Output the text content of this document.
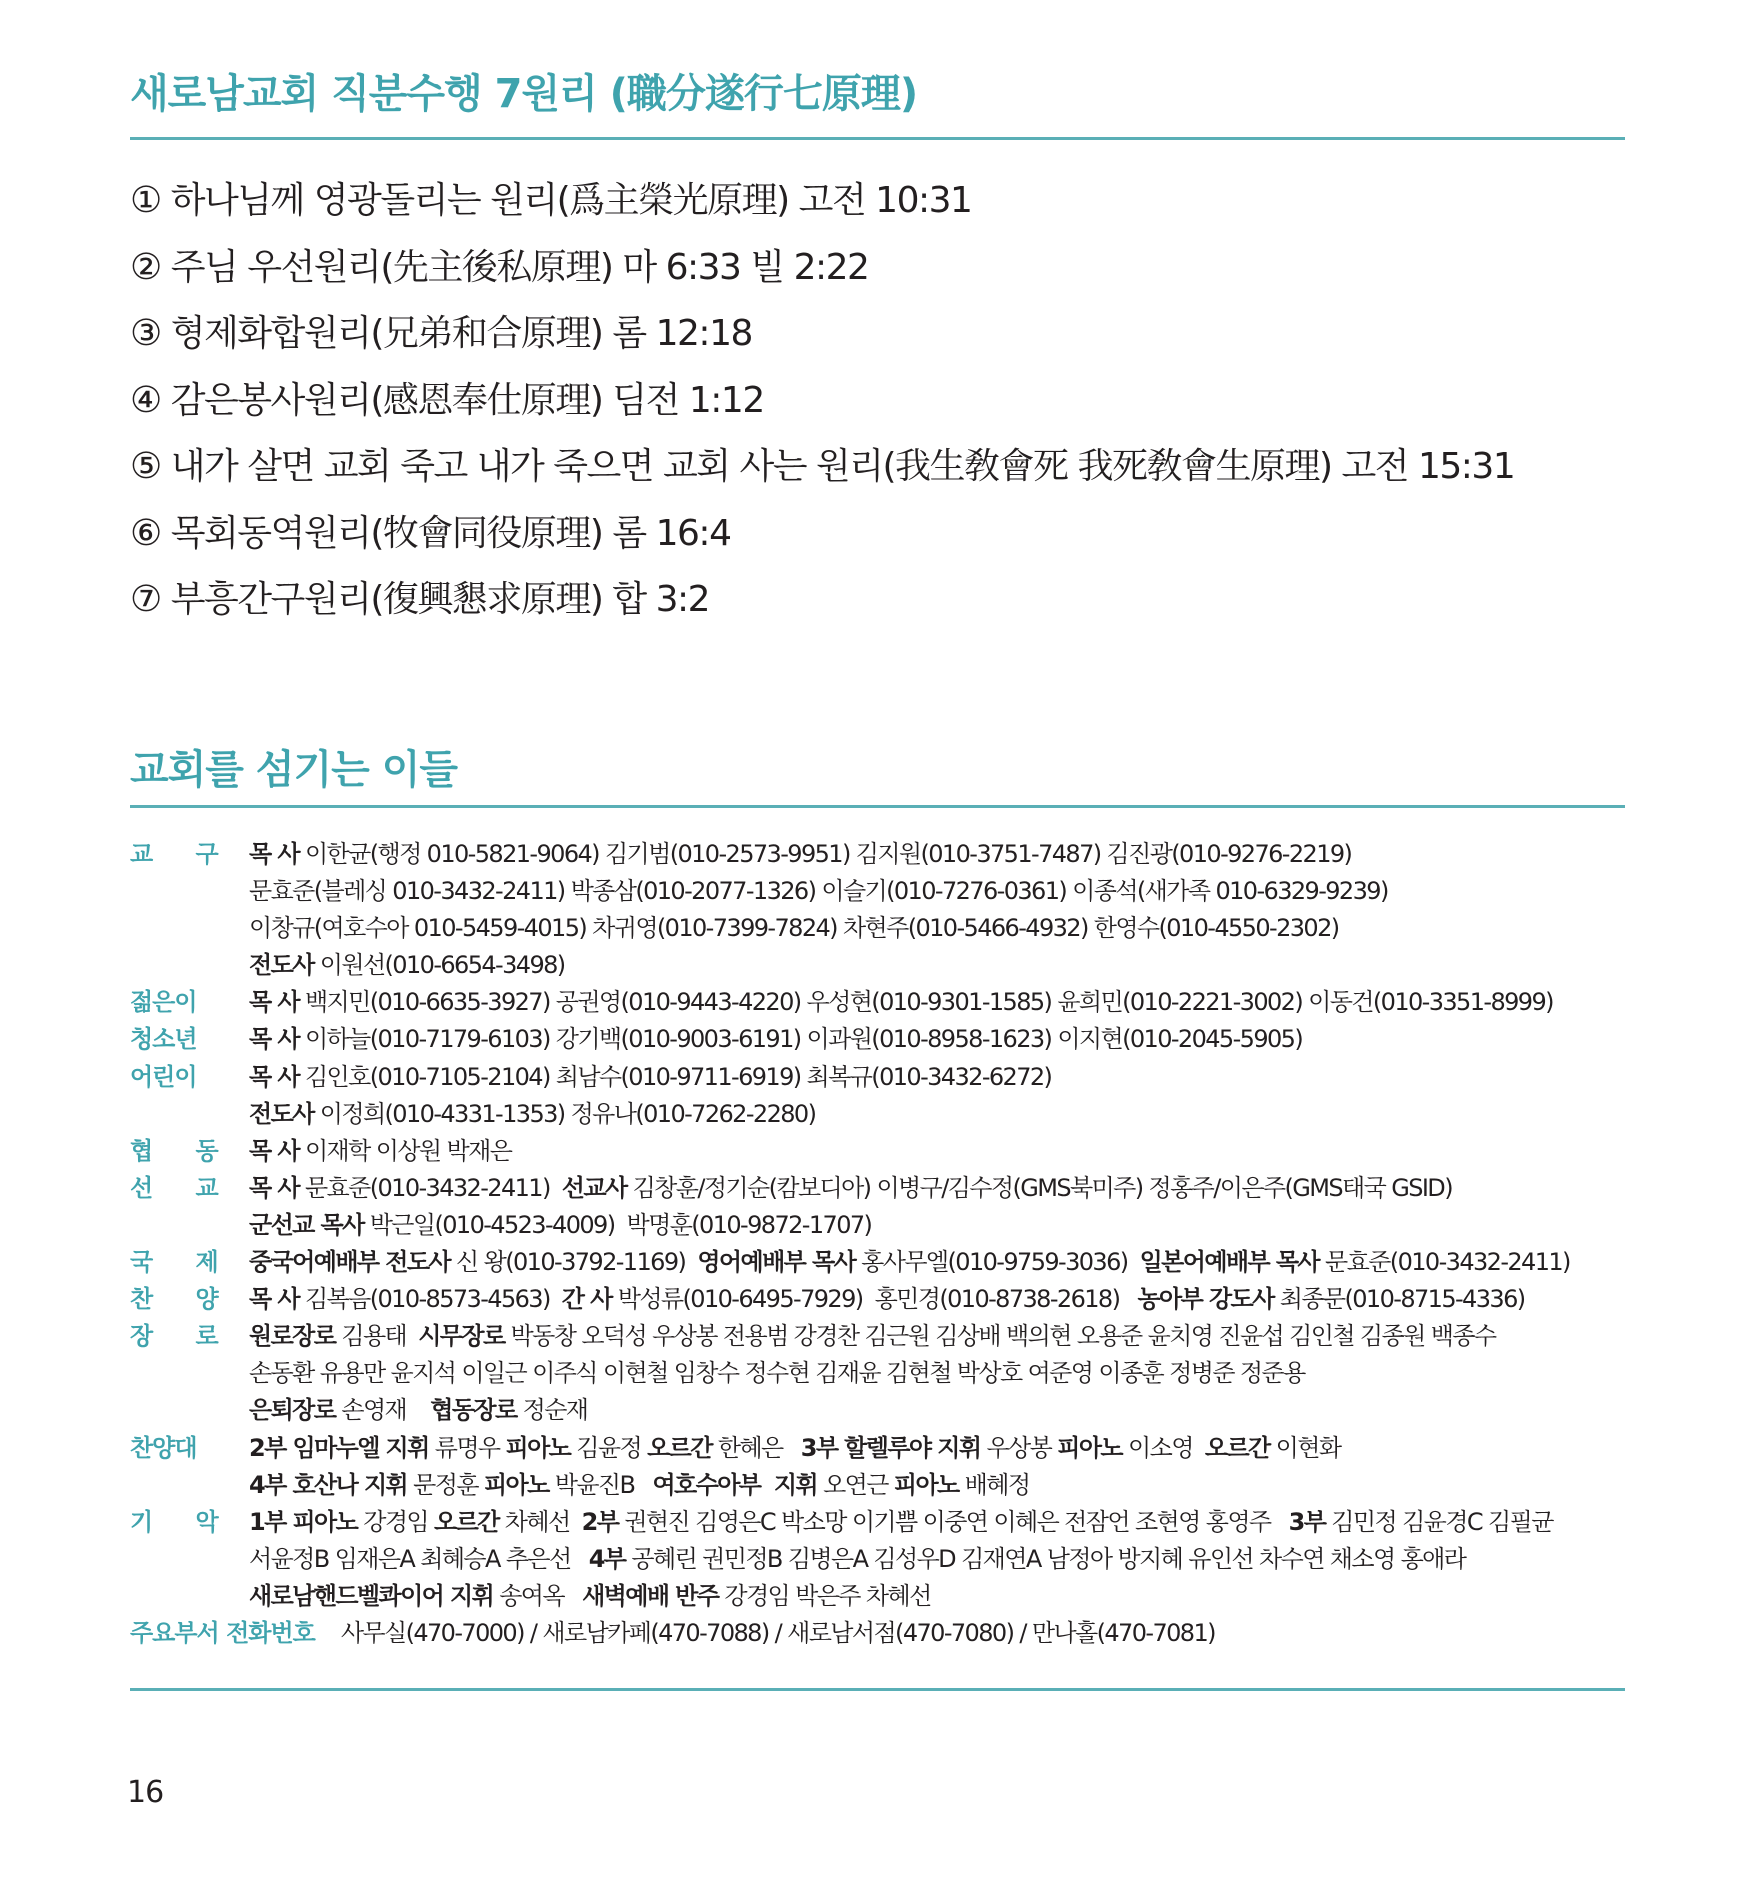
새로남교회 직분수행 7원리 (職分遂行七原理)
① 하나님께 영광돌리는 원리(爲主榮光原理) 고전 10:31
② 주님 우선원리(先主後私原理) 마 6:33 빌 2:22
③ 형제화합원리(兄弟和合原理) 롬 12:18
④ 감은봉사원리(感恩奉仕原理) 딤전 1:12
⑤ 내가 살면 교회 죽고 내가 죽으면 교회 사는 원리(我生敎會死 我死敎會生原理) 고전 15:31
⑥ 목회동역원리(牧會同役原理) 롬 16:4
⑦ 부흥간구원리(復興懇求原理) 합 3:2
교회를 섬기는 이들
교 구 목 사 이한균(행정 010-5821-9064) 김기범(010-2573-9951) 김지원(010-3751-7487) 김진광(010-9276-2219)
문효준(블레싱 010-3432-2411) 박종삼(010-2077-1326) 이슬기(010-7276-0361) 이종석(새가족 010-6329-9239)
이창규(여호수아 010-5459-4015) 차귀영(010-7399-7824) 차현주(010-5466-4932) 한영수(010-4550-2302)
전도사 이원선(010-6654-3498)
젊은이	목 사 백지민(010-6635-3927) 공권영(010-9443-4220) 우성현(010-9301-1585) 윤희민(010-2221-3002) 이동건(010-3351-8999)
청소년	목 사 이하늘(010-7179-6103) 강기백(010-9003-6191) 이과원(010-8958-1623) 이지현(010-2045-5905)
어린이	목 사 김인호(010-7105-2104) 최남수(010-9711-6919) 최복규(010-3432-6272)
전도사 이정희(010-4331-1353) 정유나(010-7262-2280)
협 동 목 사 이재학 이상원 박재은
선 교 목 사 문효준(010-3432-2411)  선교사 김창훈/정기순(캄보디아) 이병구/김수정(GMS북미주) 정홍주/이은주(GMS태국 GSID)
군선교 목사 박근일(010-4523-4009)  박명훈(010-9872-1707)
국 제 중국어예배부 전도사 신 왕(010-3792-1169)  영어예배부 목사 홍사무엘(010-9759-3036)  일본어예배부 목사 문효준(010-3432-2411)
찬 양 목 사 김복음(010-8573-4563)  간 사 박성류(010-6495-7929)  홍민경(010-8738-2618)   농아부 강도사 최종문(010-8715-4336)
장 로 원로장로 김용태  시무장로 박동창 오덕성 우상봉 전용범 강경찬 김근원 김상배 백의현 오용준 윤치영 진윤섭 김인철 김종원 백종수
손동환 유용만 윤지석 이일근 이주식 이현철 임창수 정수현 김재윤 김현철 박상호 여준영 이종훈 정병준 정준용
은퇴장로 손영재    협동장로 정순재
찬양대	2부 임마누엘 지휘 류명우 피아노 김윤정 오르간 한혜은   3부 할렐루야 지휘 우상봉 피아노 이소영  오르간 이현화
4부 호산나 지휘 문정훈 피아노 박윤진B   여호수아부  지휘 오연근 피아노 배혜정
기 악 1부 피아노 강경임 오르간 차혜선  2부 권현진 김영은C 박소망 이기쁨 이중연 이혜은 전잠언 조현영 홍영주   3부 김민정 김윤경C 김필균
서윤정B 임재은A 최혜승A 추은선   4부 공혜린 권민정B 김병은A 김성우D 김재연A 남정아 방지혜 유인선 차수연 채소영 홍애라
새로남핸드벨콰이어 지휘 송여옥   새벽예배 반주 강경임 박은주 차혜선
주요부서 전화번호 사무실(470-7000) / 새로남카페(470-7088) / 새로남서점(470-7080) / 만나홀(470-7081)
16
